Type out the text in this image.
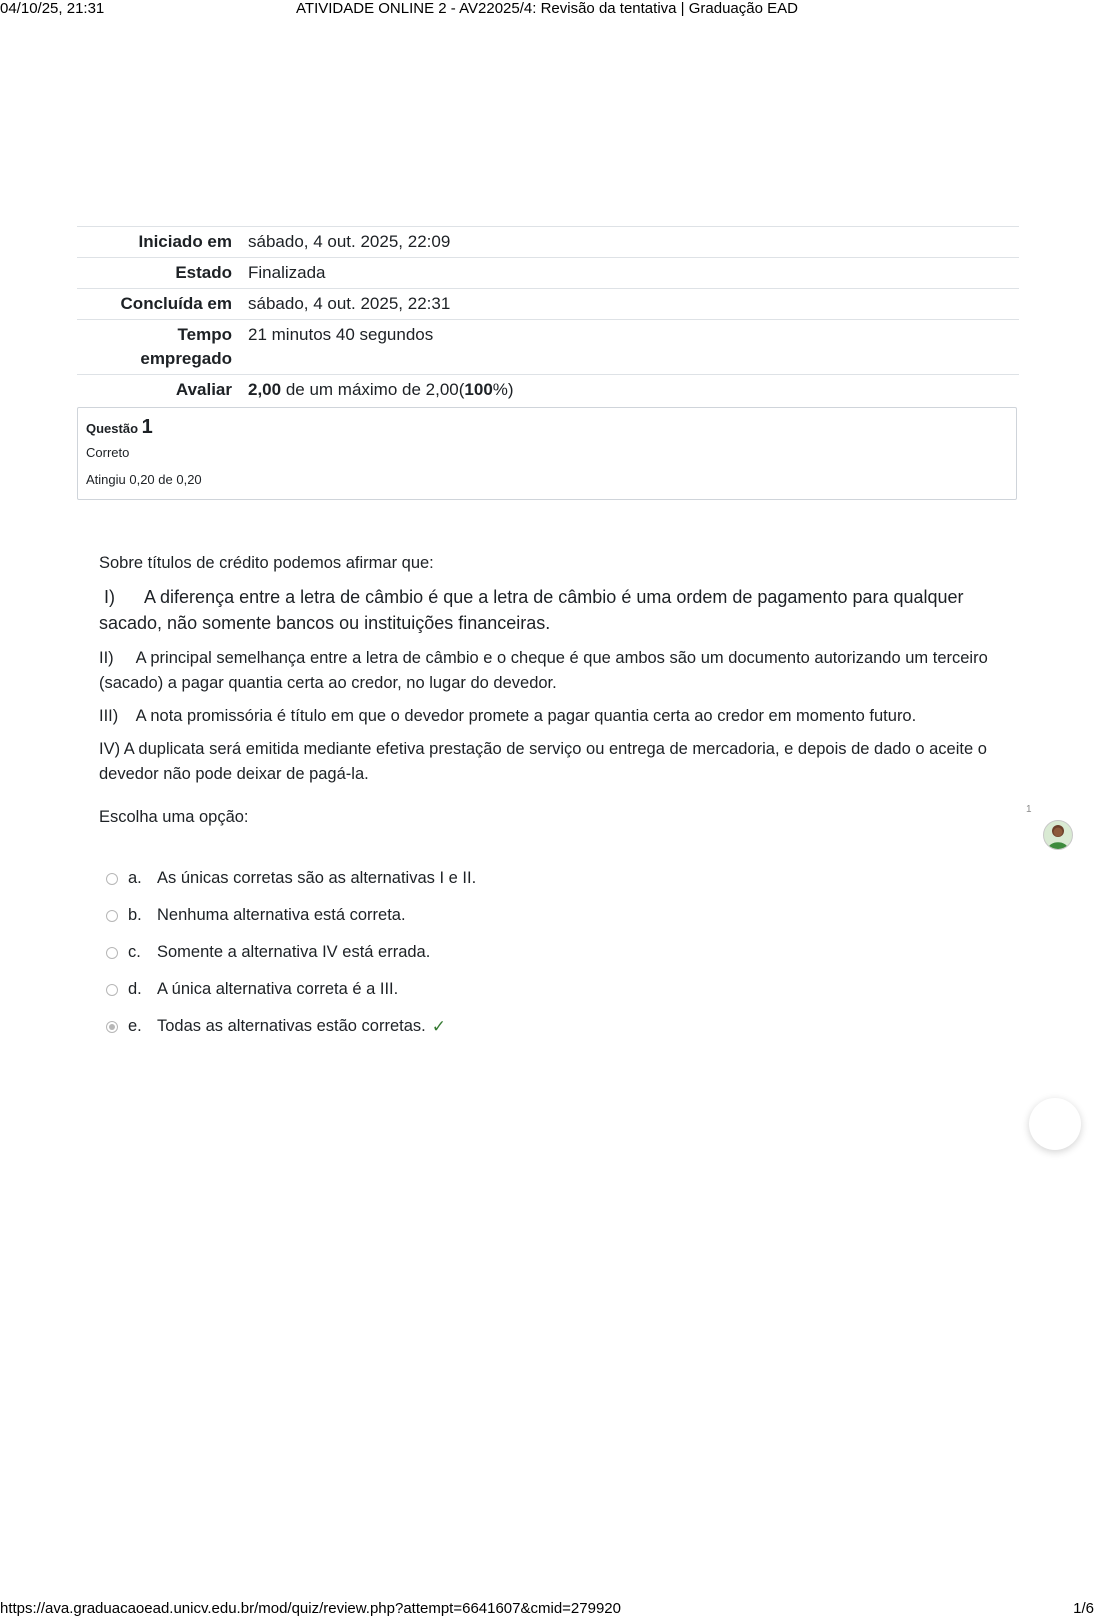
04/10/25, 21:31	ATIVIDADE ONLINE 2 - AV22025/4: Revisão da tentativa | Graduação EAD
Iniciado em	sábado, 4 out. 2025, 22:09
Estado	Finalizada
Concluída em	sábado, 4 out. 2025, 22:31
Tempo
empregado	21 minutos 40 segundos
Avaliar	2,00 de um máximo de 2,00(100%)
Questão 1
Correto
Atingiu 0,20 de 0,20

Sobre títulos de crédito podemos afirmar que:

I)      A diferença entre a letra de câmbio é que a letra de câmbio é uma ordem de pagamento para qualquer sacado, não somente bancos ou instituições financeiras.

II)     A principal semelhança entre a letra de câmbio e o cheque é que ambos são um documento autorizando um terceiro (sacado) a pagar quantia certa ao credor, no lugar do devedor.

III)    A nota promissória é título em que o devedor promete a pagar quantia certa ao credor em momento futuro.

IV) A duplicata será emitida mediante efetiva prestação de serviço ou entrega de mercadoria, e depois de dado o aceite o devedor não pode deixar de pagá-la.

Escolha uma opção:

a. As únicas corretas são as alternativas I e II.
b. Nenhuma alternativa está correta.
c. Somente a alternativa IV está errada.
d. A única alternativa correta é a III.
e. Todas as alternativas estão corretas. ✓
1
https://ava.graduacaoead.unicv.edu.br/mod/quiz/review.php?attempt=6641607&cmid=279920	1/6
